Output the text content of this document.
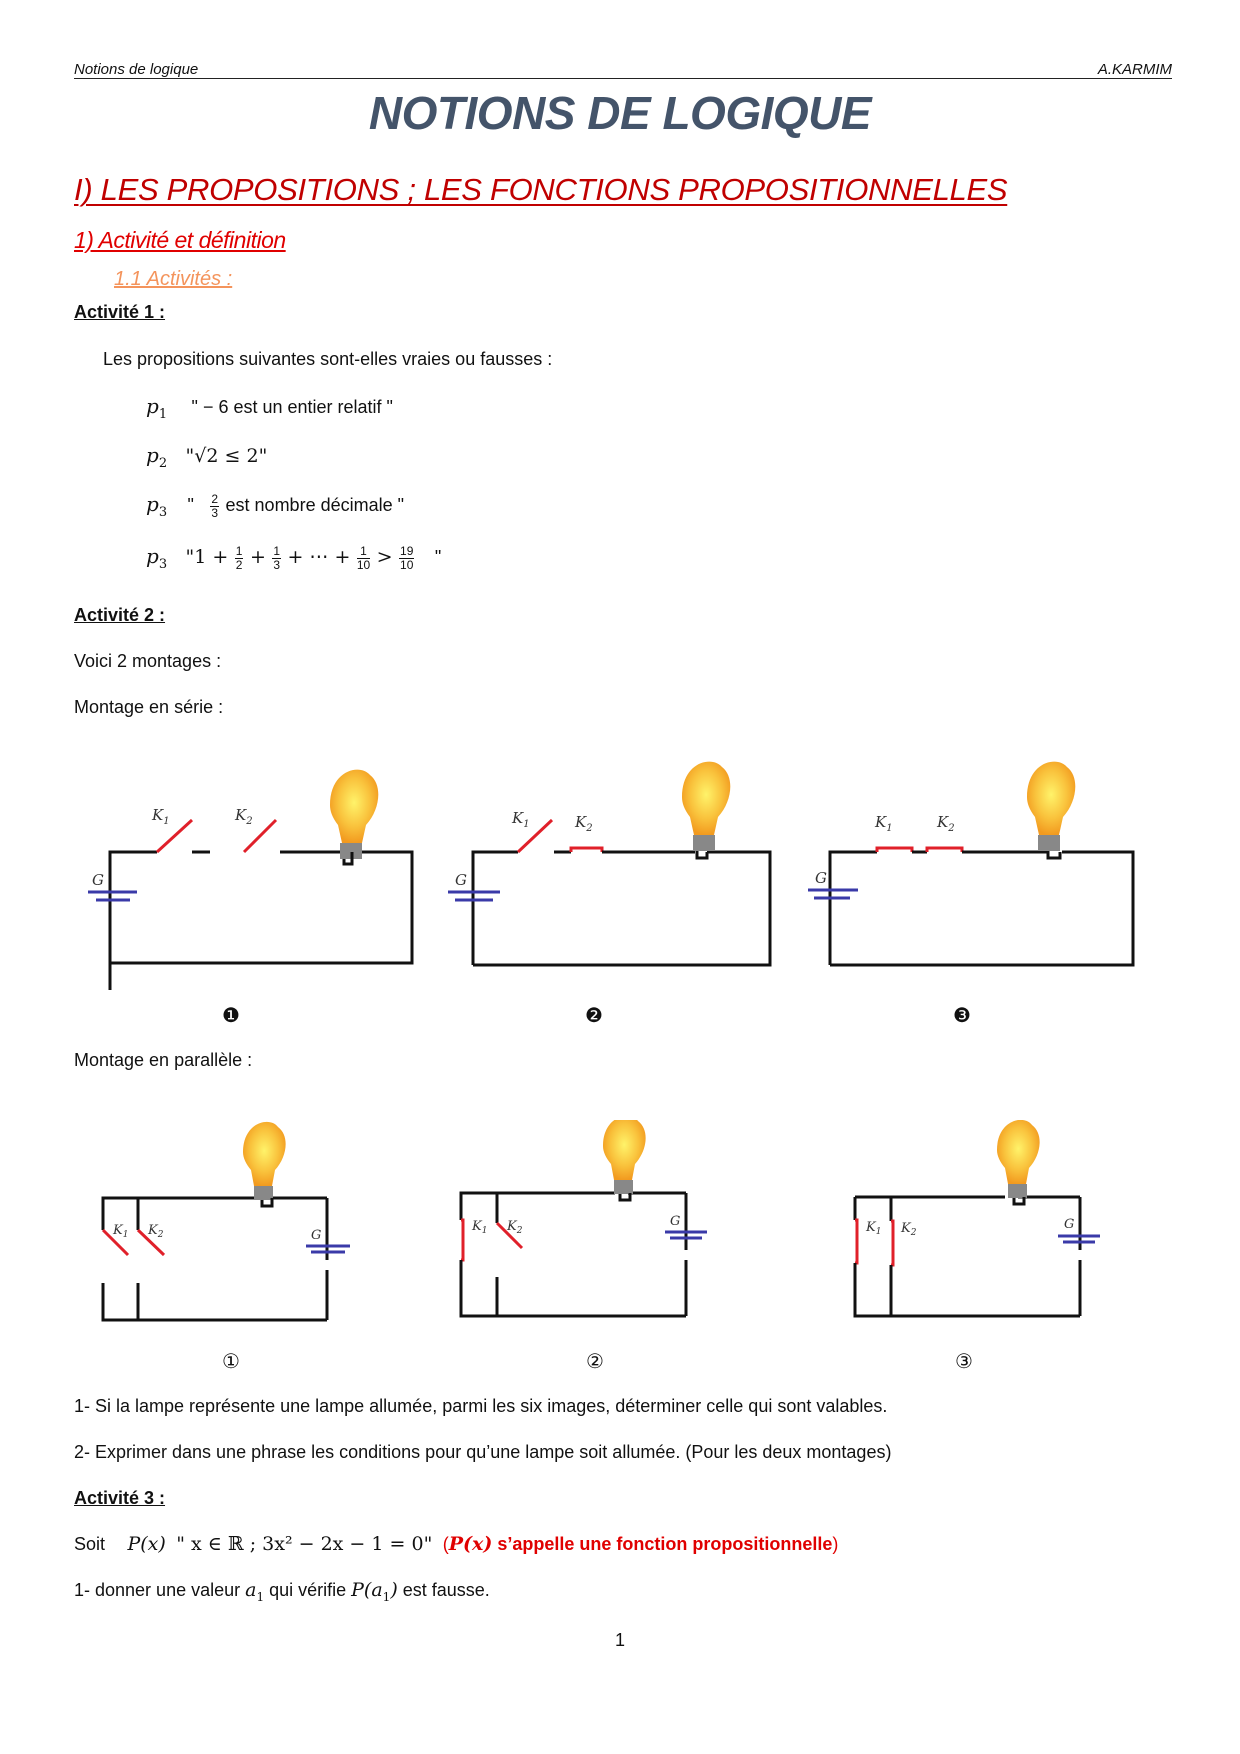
Notions de logique	A.KARMIM
NOTIONS DE LOGIQUE
I) LES PROPOSITIONS ; LES FONCTIONS PROPOSITIONNELLES
1) Activité et définition
1.1 Activités :
Activité 1 :
Les propositions suivantes sont-elles vraies ou fausses :
$p_1$ " − 6 est un entier relatif "
$p_2$ "√2 ≤ 2"
$p_3$ " $\frac{2}{3}$ est nombre décimale "
$p_3$ "$1 + \frac{1}{2} + \frac{1}{3}$ + ⋯ + $\frac{1}{10} > \frac{19}{10}$ "
Activité 2 :
Voici 2 montages :
Montage en série :
$K_1$	$K_2$
G
$K_1$	$K_2$
G
$K_1$	$K_2$
G
❶	❷	❸
Montage en parallèle :
$K_1$ $K_2$	G
$K_1$ $K_2$
G	$K_1$ $K_2$
G
①	②	③
1- Si la lampe représente une lampe allumée, parmi les six images, déterminer celle qui sont valables.
2- Exprimer dans une phrase les conditions pour qu’une lampe soit allumée. (Pour les deux montages)
Activité 3 :
Soit P(x) " x ∈ ℝ ; 3x² − 2x − 1 = 0" (P(x) s’appelle une fonction propositionnelle)
1- donner une valeur $a_1$ qui vérifie $P(a_1)$ est fausse.
1
